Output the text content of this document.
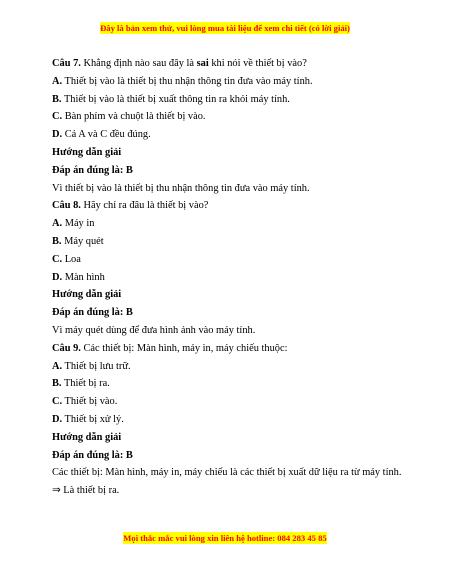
Đây là bản xem thử, vui lòng mua tài liệu để xem chi tiết (có lời giải)
Câu 7. Khẳng định nào sau đây là sai khi nói về thiết bị vào?
A. Thiết bị vào là thiết bị thu nhận thông tin đưa vào máy tính.
B. Thiết bị vào là thiết bị xuất thông tin ra khỏi máy tính.
C. Bàn phím và chuột là thiết bị vào.
D. Cả A và C đều đúng.
Hướng dẫn giải
Đáp án đúng là: B
Vì thiết bị vào là thiết bị thu nhận thông tin đưa vào máy tính.
Câu 8. Hãy chỉ ra đâu là thiết bị vào?
A. Máy in
B. Máy quét
C. Loa
D. Màn hình
Hướng dẫn giải
Đáp án đúng là: B
Vì máy quét dùng để đưa hình ảnh vào máy tính.
Câu 9. Các thiết bị: Màn hình, máy in, máy chiếu thuộc:
A. Thiết bị lưu trữ.
B. Thiết bị ra.
C. Thiết bị vào.
D. Thiết bị xử lý.
Hướng dẫn giải
Đáp án đúng là: B
Các thiết bị: Màn hình, máy in, máy chiếu là các thiết bị xuất dữ liệu ra từ máy tính.
⇒ Là thiết bị ra.
Mọi thắc mắc vui lòng xin liên hệ hotline: 084 283 45 85
